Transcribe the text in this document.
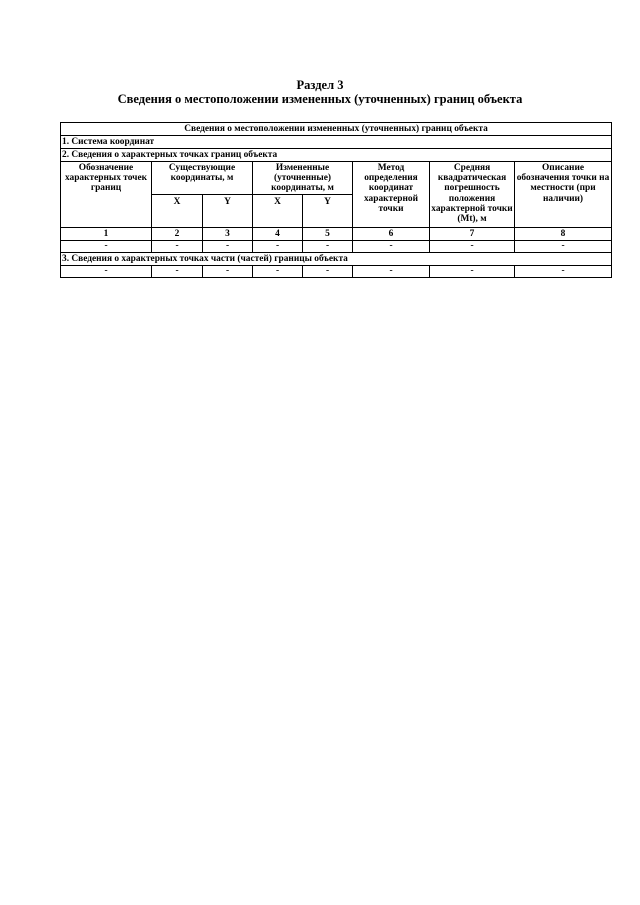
Раздел 3
Сведения о местоположении измененных (уточненных) границ объекта
Сведения о местоположении измененных (уточненных) границ объекта							
1. Система координат							
2. Сведения о характерных точках границ объекта							
Обозначение характерных точек границ	Существующие координаты, м		Измененные (уточненные) координаты, м		Метод определения координат характерной точки	Средняя квадратическая погрешность положения характерной точки (Mt), м	Описание обозначения точки на местности (при наличии)
	X	Y	X	Y			
1	2	3	4	5	6	7	8
-	-	-	-	-	-	-	-
3. Сведения о характерных точках части (частей) границы объекта							
-	-	-	-	-	-	-	-
